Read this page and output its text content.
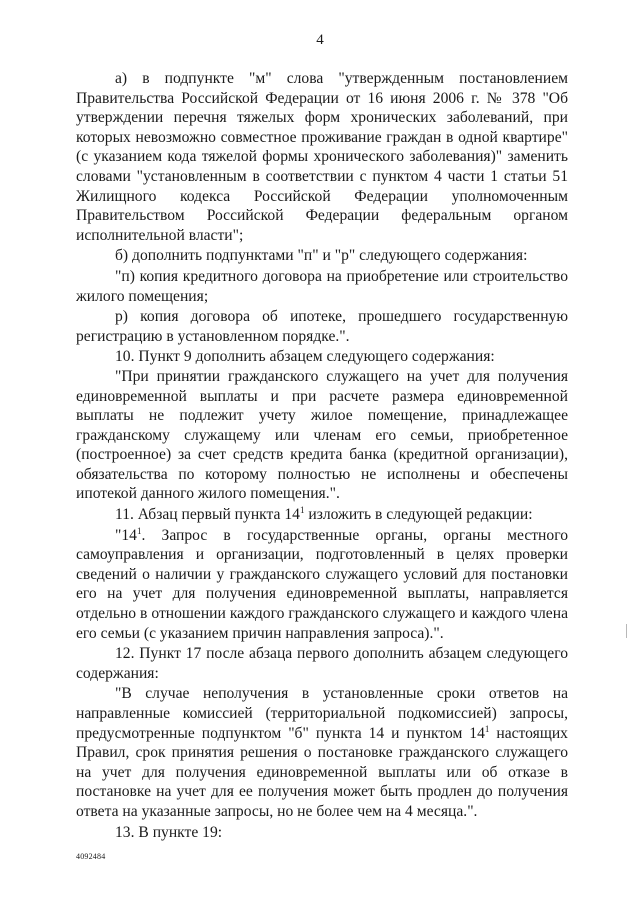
4

а) в подпункте "м" слова "утвержденным постановлением Правительства Российской Федерации от 16 июня 2006 г. № 378 "Об утверждении перечня тяжелых форм хронических заболеваний, при которых невозможно совместное проживание граждан в одной квартире" (с указанием кода тяжелой формы хронического заболевания)" заменить словами "установленным в соответствии с пунктом 4 части 1 статьи 51 Жилищного кодекса Российской Федерации уполномоченным Правительством Российской Федерации федеральным органом исполнительной власти";

б) дополнить подпунктами "п" и "р" следующего содержания:

"п) копия кредитного договора на приобретение или строительство жилого помещения;

р) копия договора об ипотеке, прошедшего государственную регистрацию в установленном порядке.".

10. Пункт 9 дополнить абзацем следующего содержания:

"При принятии гражданского служащего на учет для получения единовременной выплаты и при расчете размера единовременной выплаты не подлежит учету жилое помещение, принадлежащее гражданскому служащему или членам его семьи, приобретенное (построенное) за счет средств кредита банка (кредитной организации), обязательства по которому полностью не исполнены и обеспечены ипотекой данного жилого помещения.".

11. Абзац первый пункта $14^1$ изложить в следующей редакции:

"$14^1$. Запрос в государственные органы, органы местного самоуправления и организации, подготовленный в целях проверки сведений о наличии у гражданского служащего условий для постановки его на учет для получения единовременной выплаты, направляется отдельно в отношении каждого гражданского служащего и каждого члена его семьи (с указанием причин направления запроса).".

12. Пункт 17 после абзаца первого дополнить абзацем следующего содержания:

"В случае неполучения в установленные сроки ответов на направленные комиссией (территориальной подкомиссией) запросы, предусмотренные подпунктом "б" пункта 14 и пунктом $14^1$ настоящих Правил, срок принятия решения о постановке гражданского служащего на учет для получения единовременной выплаты или об отказе в постановке на учет для ее получения может быть продлен до получения ответа на указанные запросы, но не более чем на 4 месяца.".

13. В пункте 19:

4092484
